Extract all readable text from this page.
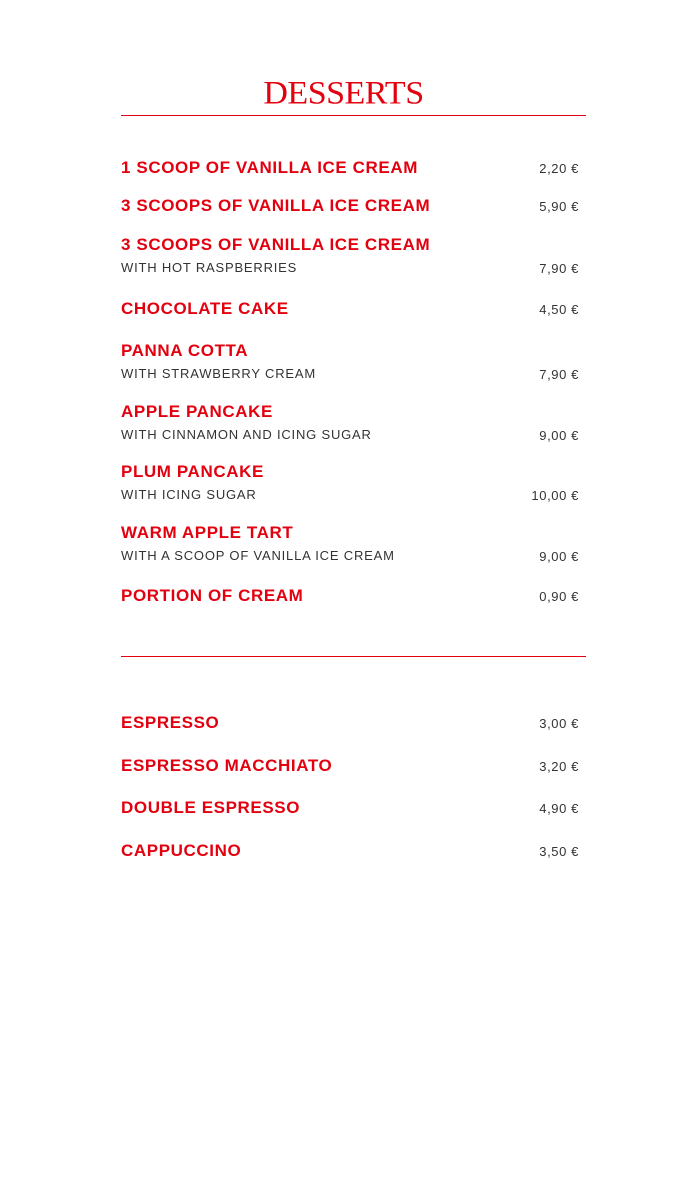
DESSERTS
1 SCOOP OF VANILLA ICE CREAM	2,20 €
3 SCOOPS OF VANILLA ICE CREAM	5,90 €
3 SCOOPS OF VANILLA ICE CREAM
WITH HOT RASPBERRIES	7,90 €
CHOCOLATE CAKE	4,50 €
PANNA COTTA
WITH STRAWBERRY CREAM	7,90 €
APPLE PANCAKE
WITH CINNAMON AND ICING SUGAR	9,00 €
PLUM PANCAKE
WITH ICING SUGAR	10,00 €
WARM APPLE TART
WITH A SCOOP OF VANILLA ICE CREAM	9,00 €
PORTION OF CREAM	0,90 €
ESPRESSO	3,00 €
ESPRESSO MACCHIATO	3,20 €
DOUBLE ESPRESSO	4,90 €
CAPPUCCINO	3,50 €
